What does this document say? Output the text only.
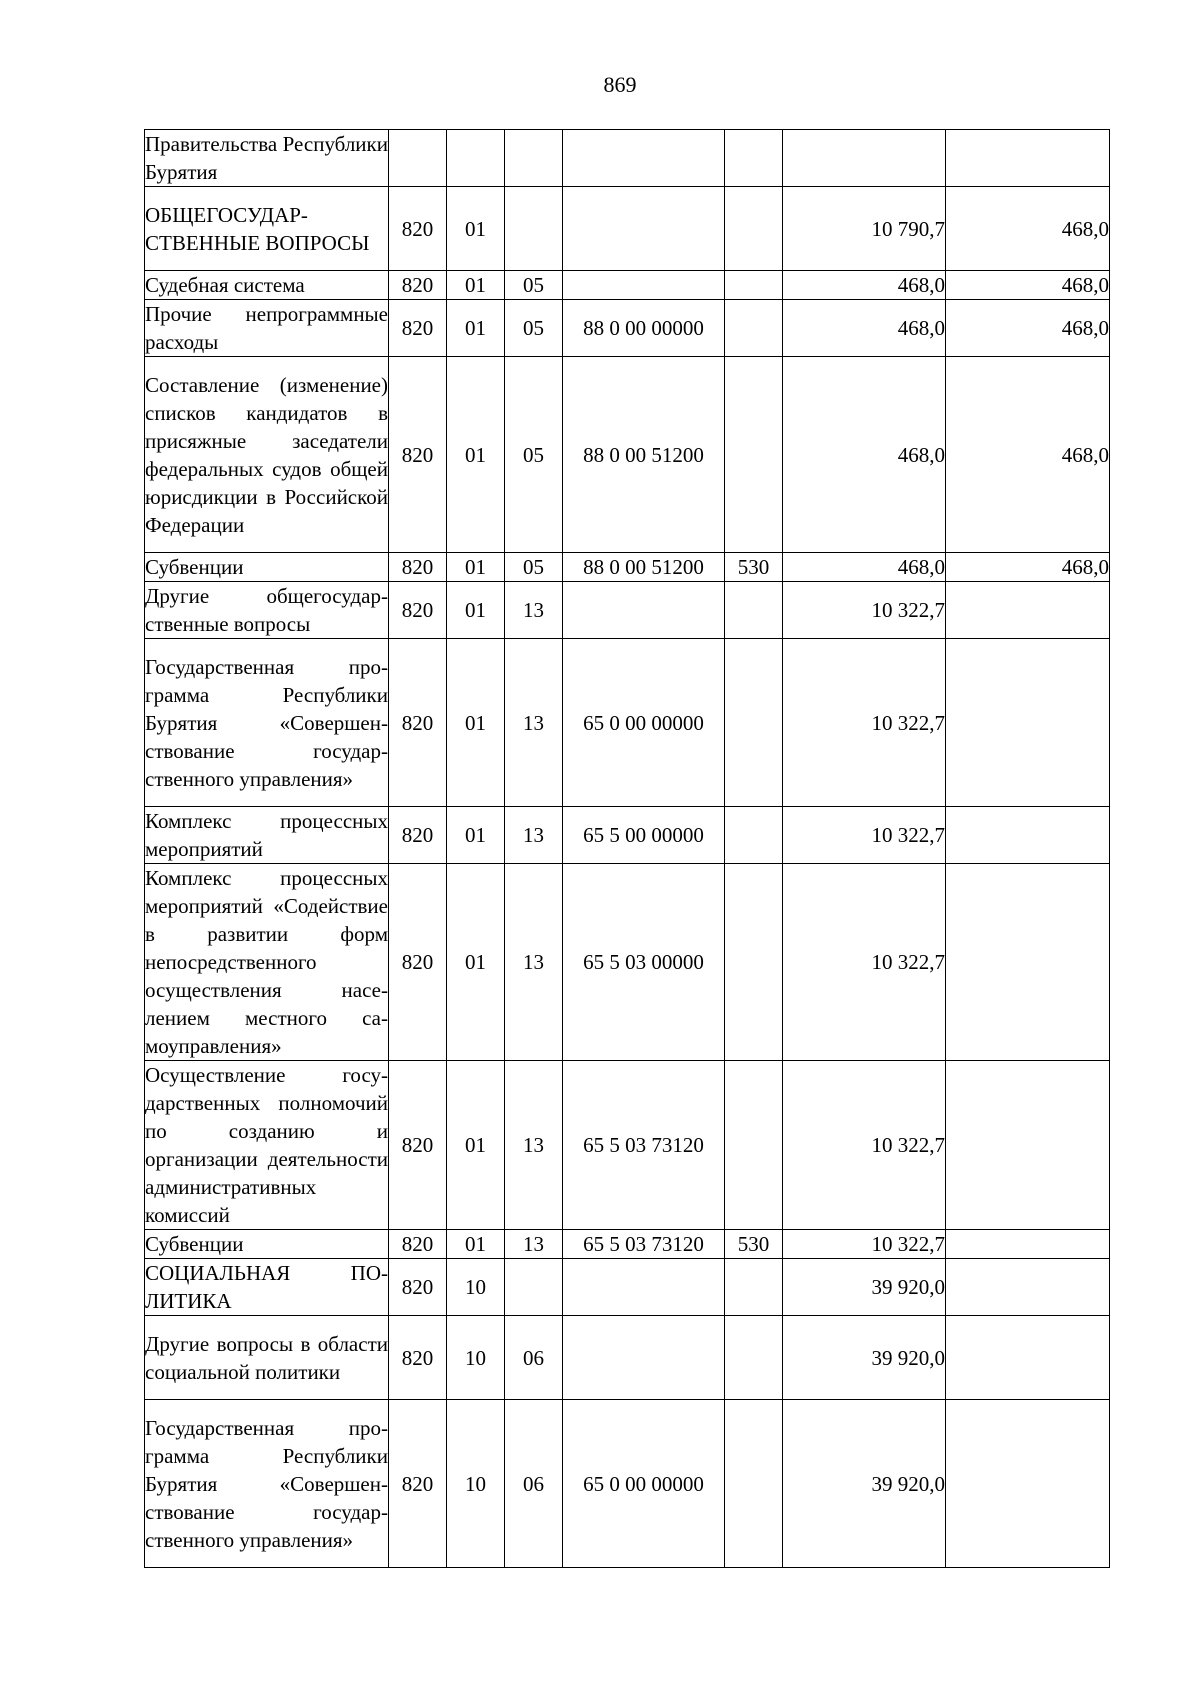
869
Правительства Республики Бурятия							
ОБЩЕГОСУДАРСТВЕННЫЕ ВОПРОСЫ	820	01				10 790,7	468,0
Судебная система	820	01	05			468,0	468,0
Прочие непрограммные расходы	820	01	05	88 0 00 00000		468,0	468,0
Составление (изменение) списков кандидатов в присяжные заседатели федеральных судов общей юрисдикции в Российской Федерации	820	01	05	88 0 00 51200		468,0	468,0
Субвенции	820	01	05	88 0 00 51200	530	468,0	468,0
Другие общегосударственные вопросы	820	01	13			10 322,7	
Государственная программа Республики Бурятия «Совершенствование государственного управления»	820	01	13	65 0 00 00000		10 322,7	
Комплекс процессных мероприятий	820	01	13	65 5 00 00000		10 322,7	
Комплекс процессных мероприятий «Содействие в развитии форм непосредственного осуществления населением местного самоуправления»	820	01	13	65 5 03 00000		10 322,7	
Осуществление государственных полномочий по созданию и организации деятельности административных комиссий	820	01	13	65 5 03 73120		10 322,7	
Субвенции	820	01	13	65 5 03 73120	530	10 322,7	
СОЦИАЛЬНАЯ ПОЛИТИКА	820	10				39 920,0	
Другие вопросы в области социальной политики	820	10	06			39 920,0	
Государственная программа Республики Бурятия «Совершенствование государственного управления»	820	10	06	65 0 00 00000		39 920,0	
